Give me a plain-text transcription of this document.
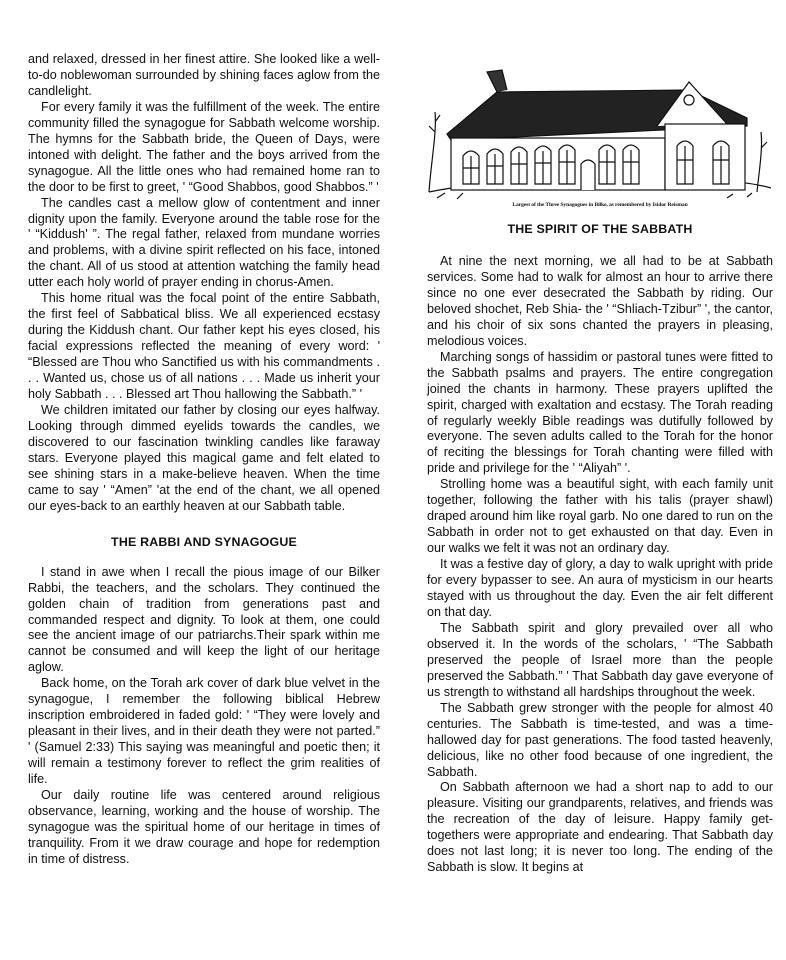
and relaxed, dressed in her finest attire. She looked like a well-to-do noblewoman surrounded by shining faces aglow from the candlelight.

For every family it was the fulfillment of the week. The entire community filled the synagogue for Sabbath welcome worship. The hymns for the Sabbath bride, the Queen of Days, were intoned with delight. The father and the boys arrived from the synagogue. All the little ones who had remained home ran to the door to be first to greet, ' “Good Shabbos, good Shabbos.” '

The candles cast a mellow glow of contentment and inner dignity upon the family. Everyone around the table rose for the ' “Kiddush' ”. The regal father, relaxed from mundane worries and problems, with a divine spirit reflected on his face, intoned the chant. All of us stood at attention watching the family head utter each holy world of prayer ending in chorus-Amen.

This home ritual was the focal point of the entire Sabbath, the first feel of Sabbatical bliss. We all experienced ecstasy during the Kiddush chant. Our father kept his eyes closed, his facial expressions reflected the meaning of every word: ' “Blessed are Thou who Sanctified us with his commandments . . . Wanted us, chose us of all nations . . . Made us inherit your holy Sabbath . . . Blessed art Thou hallowing the Sabbath.” '

We children imitated our father by closing our eyes halfway. Looking through dimmed eyelids towards the candles, we discovered to our fascination twinkling candles like faraway stars. Everyone played this magical game and felt elated to see shining stars in a make-believe heaven. When the time came to say ' “Amen” 'at the end of the chant, we all opened our eyes-back to an earthly heaven at our Sabbath table.

THE RABBI AND SYNAGOGUE

I stand in awe when I recall the pious image of our Bilker Rabbi, the teachers, and the scholars. They continued the golden chain of tradition from generations past and commanded respect and dignity. To look at them, one could see the ancient image of our patriarchs.Their spark within me cannot be consumed and will keep the light of our heritage aglow.

Back home, on the Torah ark cover of dark blue velvet in the synagogue, I remember the following biblical Hebrew inscription embroidered in faded gold: ' “They were lovely and pleasant in their lives, and in their death they were not parted.” ' (Samuel 2:33) This saying was meaningful and poetic then; it will remain a testimony forever to reflect the grim realities of life.

Our daily routine life was centered around religious observance, learning, working and the house of worship. The synagogue was the spiritual home of our heritage in times of tranquility. From it we draw courage and hope for redemption in time of distress.

Largest of the Three Synagogues in Bilke, as remembered by Isidor Reisman
THE SPIRIT OF THE SABBATH

At nine the next morning, we all had to be at Sabbath services. Some had to walk for almost an hour to arrive there since no one ever desecrated the Sabbath by riding. Our beloved shochet, Reb Shia- the ' “Shliach-Tzibur” ', the cantor, and his choir of six sons chanted the prayers in pleasing, melodious voices.

Marching songs of hassidim or pastoral tunes were fitted to the Sabbath psalms and prayers. The entire congregation joined the chants in harmony. These prayers uplifted the spirit, charged with exaltation and ecstasy. The Torah reading of regularly weekly Bible readings was dutifully followed by everyone. The seven adults called to the Torah for the honor of reciting the blessings for Torah chanting were filled with pride and privilege for the ' “Aliyah” '.

Strolling home was a beautiful sight, with each family unit together, following the father with his talis (prayer shawl) draped around him like royal garb. No one dared to run on the Sabbath in order not to get exhausted on that day. Even in our walks we felt it was not an ordinary day.

It was a festive day of glory, a day to walk upright with pride for every bypasser to see. An aura of mysticism in our hearts stayed with us throughout the day. Even the air felt different on that day.

The Sabbath spirit and glory prevailed over all who observed it. In the words of the scholars, ' “The Sabbath preserved the people of Israel more than the people preserved the Sabbath.” ' That Sabbath day gave everyone of us strength to withstand all hardships throughout the week.

The Sabbath grew stronger with the people for almost 40 centuries. The Sabbath is time-tested, and was a time-hallowed day for past generations. The food tasted heavenly, delicious, like no other food because of one ingredient, the Sabbath.

On Sabbath afternoon we had a short nap to add to our pleasure. Visiting our grandparents, relatives, and friends was the recreation of the day of leisure. Happy family get-togethers were appropriate and endearing. That Sabbath day does not last long; it is never too long. The ending of the Sabbath is slow. It begins at
